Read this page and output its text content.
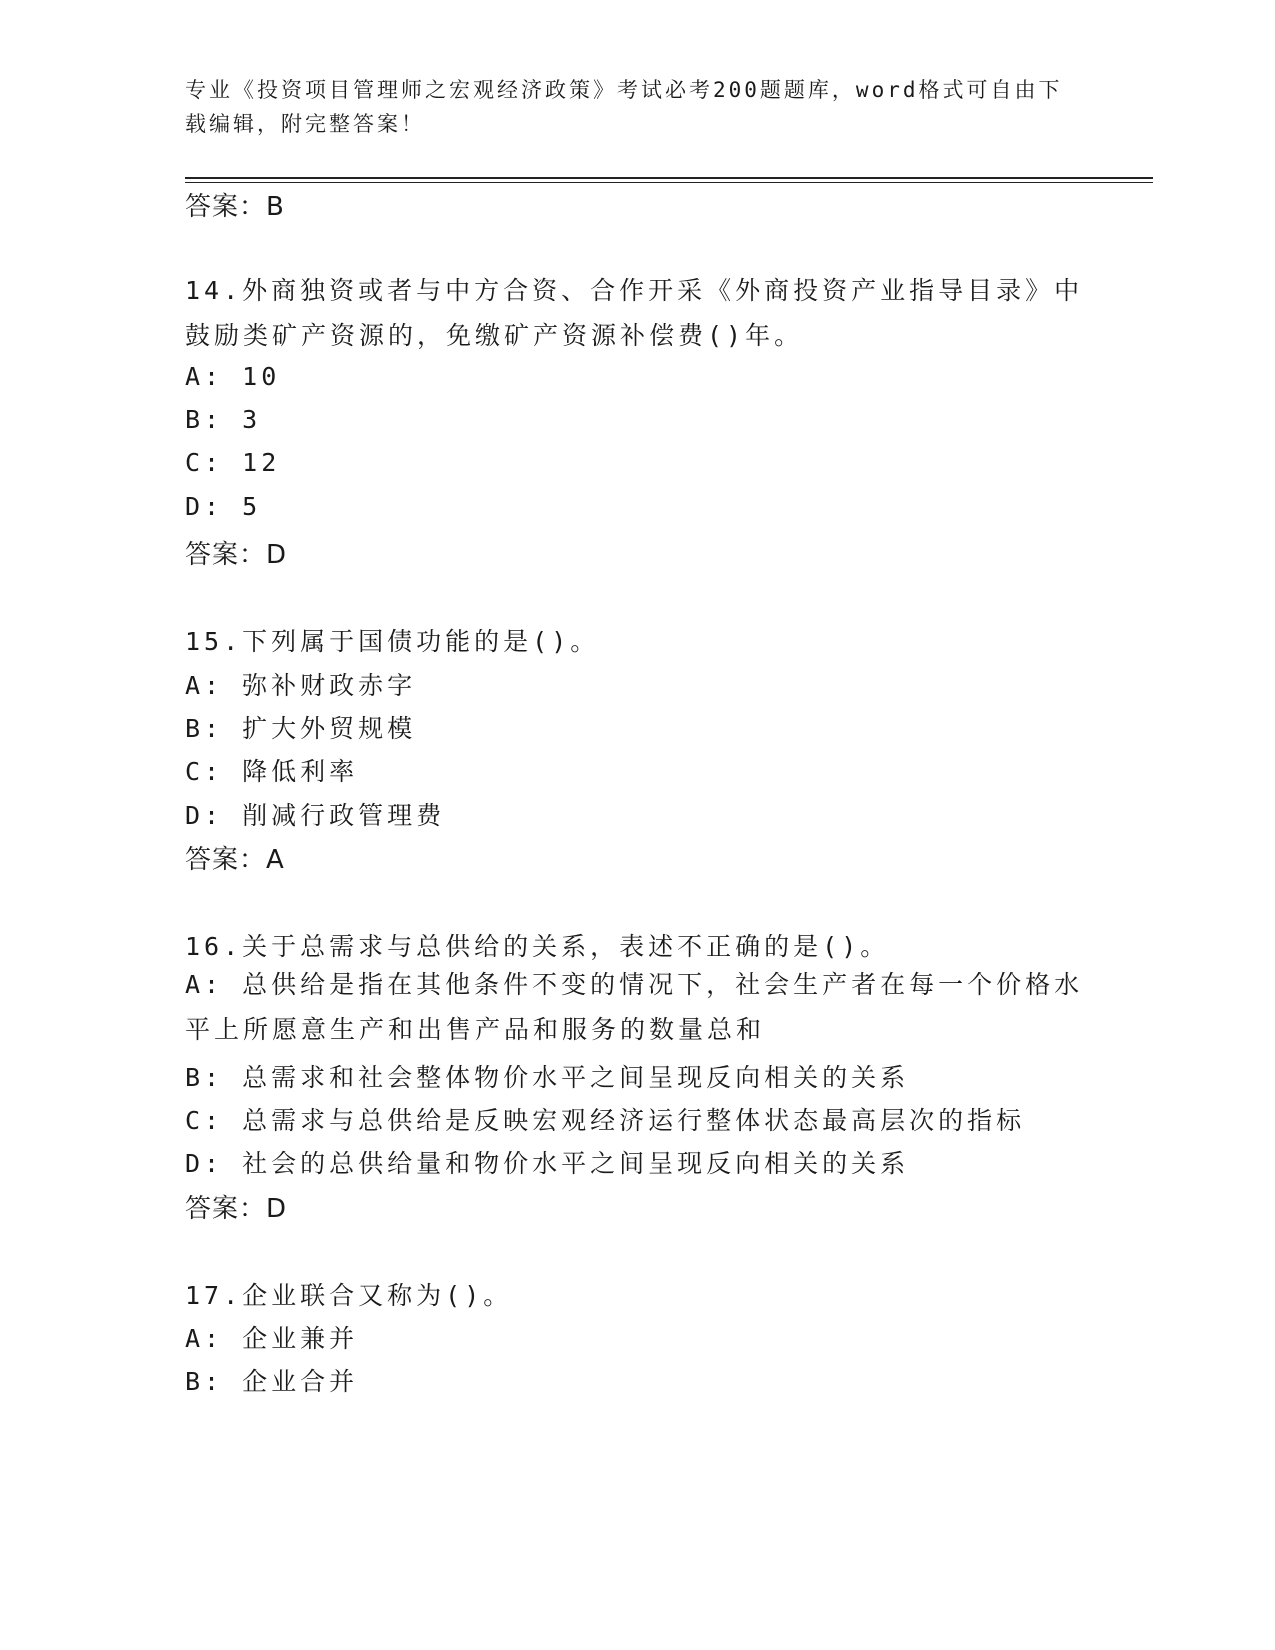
专业《投资项目管理师之宏观经济政策》考试必考200题题库，word格式可自由下载编辑，附完整答案！
答案：B
14.外商独资或者与中方合资、合作开采《外商投资产业指导目录》中鼓励类矿产资源的，免缴矿产资源补偿费()年。
A: 10
B: 3
C: 12
D: 5
答案：D
15.下列属于国债功能的是()。
A: 弥补财政赤字
B: 扩大外贸规模
C: 降低利率
D: 削减行政管理费
答案：A
16.关于总需求与总供给的关系，表述不正确的是()。
A: 总供给是指在其他条件不变的情况下，社会生产者在每一个价格水平上所愿意生产和出售产品和服务的数量总和
B: 总需求和社会整体物价水平之间呈现反向相关的关系
C: 总需求与总供给是反映宏观经济运行整体状态最高层次的指标
D: 社会的总供给量和物价水平之间呈现反向相关的关系
答案：D
17.企业联合又称为()。
A: 企业兼并
B: 企业合并
